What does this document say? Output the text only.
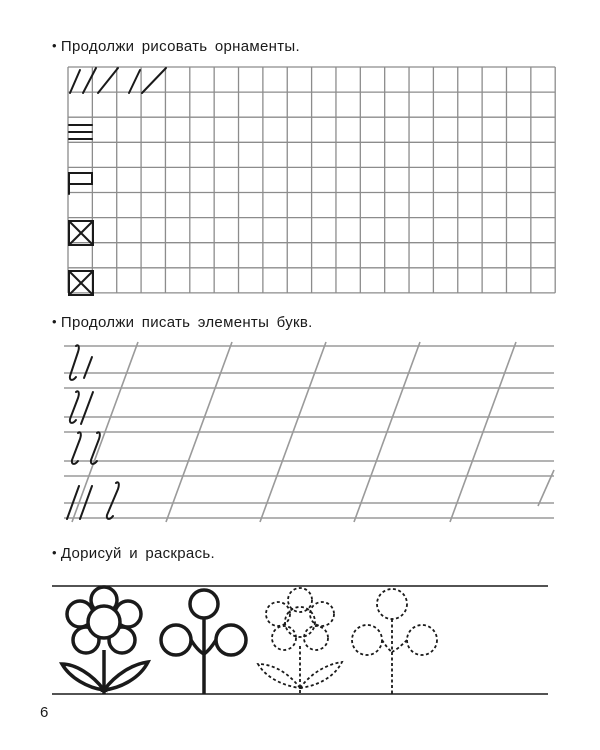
• Продолжи рисовать орнаменты.
• Продолжи писать элементы букв.
• Дорисуй и раскрась.
6
